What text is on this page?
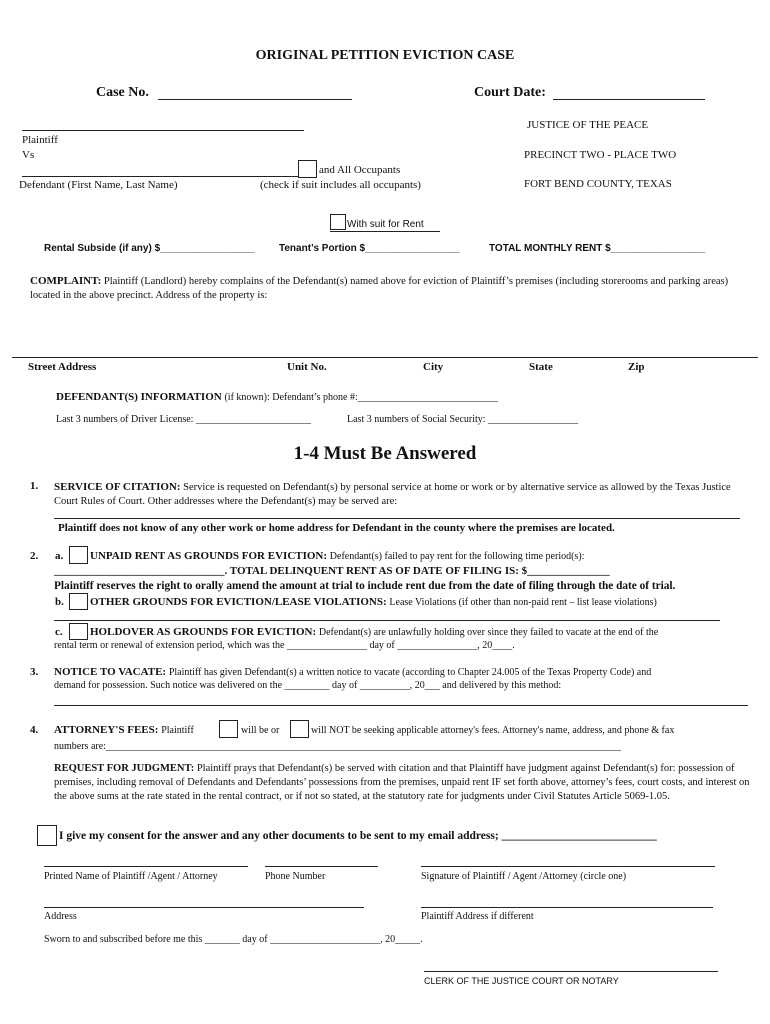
ORIGINAL PETITION EVICTION CASE
Case No.	Court Date:
JUSTICE OF THE PEACE
PRECINCT TWO - PLACE TWO
FORT BEND COUNTY, TEXAS
Plaintiff
Vs
and All Occupants
Defendant (First Name, Last Name)	(check if suit includes all occupants)
With suit for Rent
Rental Subside (if any) $_________________ Tenant’s Portion $_________________	TOTAL MONTHLY RENT $_________________
COMPLAINT: Plaintiff (Landlord) hereby complains of the Defendant(s) named above for eviction of Plaintiff’s premises (including storerooms and parking areas) located in the above precinct. Address of the property is:
Street Address	Unit No.	City	State	Zip
DEFENDANT(S) INFORMATION (if known): Defendant’s phone #:____________________________
Last 3 numbers of Driver License: _______________________	Last 3 numbers of Social Security: __________________
1-4 Must Be Answered
1. SERVICE OF CITATION: Service is requested on Defendant(s) by personal service at home or work or by alternative service as allowed by the Texas Justice Court Rules of Court. Other addresses where the Defendant(s) may be served are:
Plaintiff does not know of any other work or home address for Defendant in the county where the premises are located.
2. a. UNPAID RENT AS GROUNDS FOR EVICTION: Defendant(s) failed to pay rent for the following time period(s):
_______________________________. TOTAL DELINQUENT RENT AS OF DATE OF FILING IS: $_______________
Plaintiff reserves the right to orally amend the amount at trial to include rent due from the date of filing through the date of trial.
b. OTHER GROUNDS FOR EVICTION/LEASE VIOLATIONS: Lease Violations (if other than non-paid rent – list lease violations)
c. HOLDOVER AS GROUNDS FOR EVICTION: Defendant(s) are unlawfully holding over since they failed to vacate at the end of the
rental term or renewal of extension period, which was the ________________ day of ________________, 20____.
3. NOTICE TO VACATE: Plaintiff has given Defendant(s) a written notice to vacate (according to Chapter 24.005 of the Texas Property Code) and
demand for possession. Such notice was delivered on the _________ day of __________, 20___ and delivered by this method:
4. ATTORNEY'S FEES: Plaintiff	will be or	will NOT be seeking applicable attorney's fees. Attorney's name, address, and phone & fax
numbers are:_______________________________________________________________________________________________________
REQUEST FOR JUDGMENT: Plaintiff prays that Defendant(s) be served with citation and that Plaintiff have judgment against Defendant(s) for: possession of premises, including removal of Defendants and Defendants’ possessions from the premises, unpaid rent IF set forth above, attorney’s fees, court costs, and interest on the above sums at the rate stated in the rental contract, or if not so stated, at the statutory rate for judgments under Civil Statutes Article 5069-1.05.
I give my consent for the answer and any other documents to be sent to my email address; ___________________________
Printed Name of Plaintiff /Agent / Attorney	Phone Number	Signature of Plaintiff / Agent /Attorney (circle one)
Address	Plaintiff Address if different
Sworn to and subscribed before me this _______ day of ______________________, 20_____.
CLERK OF THE JUSTICE COURT OR NOTARY
